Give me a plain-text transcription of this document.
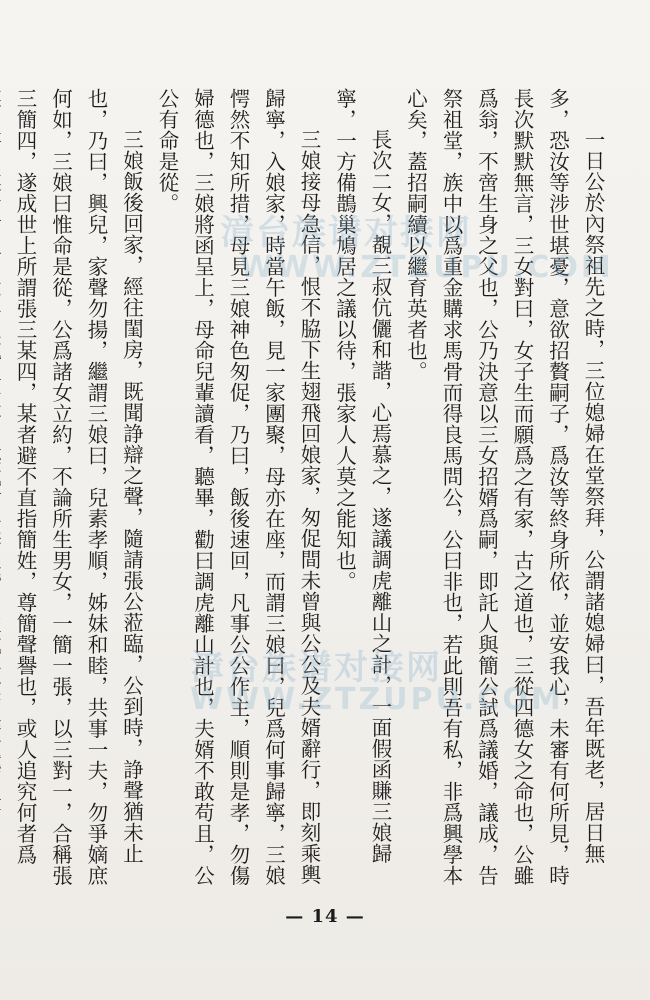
一日公於內祭祖先之時，三位媳婦在堂祭拜，公謂諸媳婦曰，吾年既老，居日無多，恐汝等涉世堪憂，意欲招贅嗣子，爲汝等終身所依，並安我心，未審有何所見，時長次默默無言，三女對曰，女子生而願爲之有家，古之道也，三從四德女之命也，公雖爲翁，不啻生身之父也，公乃決意以三女招婿爲嗣，即託人與簡公試爲議婚，議成，告祭祖堂，族中以爲重金購求馬骨而得良馬問公，公曰非也，若此則吾有私，非爲興學本心矣，蓋招嗣續以繼育英者也。

長次二女，覩三叔伉儷和諧，心焉慕之，遂議調虎離山之計，一面假函賺三娘歸寧，一方備鵲巢鳩居之議以待，張家人人莫之能知也。

三娘接母急信，恨不脇下生翅飛回娘家，匆促間未曾與公公及夫婿辭行，即刻乘輿歸寧，入娘家，時當午飯，見一家團聚，母亦在座，而謂三娘曰，兒爲何事歸寧，三娘愕然不知所措，母見三娘神色匆促，乃曰，飯後速回，凡事公公作主，順則是孝，勿傷婦德也，三娘將函呈上，母命兒輩讀看，聽畢，勸曰調虎離山計也，夫婿不敢苟且，公公有命是從。

三娘飯後回家，經往閨房，既聞諍辯之聲，隨請張公蒞臨，公到時，諍聲猶未止也，乃曰，興兒，家聲勿揚，繼謂三娘曰，兒素孝順，姊妹和睦，共事一夫，勿爭嫡庶何如，三娘曰惟命是從，公爲諸女立約，不論所生男女，一簡一張，以三對一，合稱張三簡四，遂成世上所謂張三某四，某者避不直指簡姓，尊簡聲譽也，或人追究何者爲

漳台族谱对接网
WWW.ZTZUPU.COM
漳台族谱对接网
WWW.ZTZUPU.COM
— 14 —
